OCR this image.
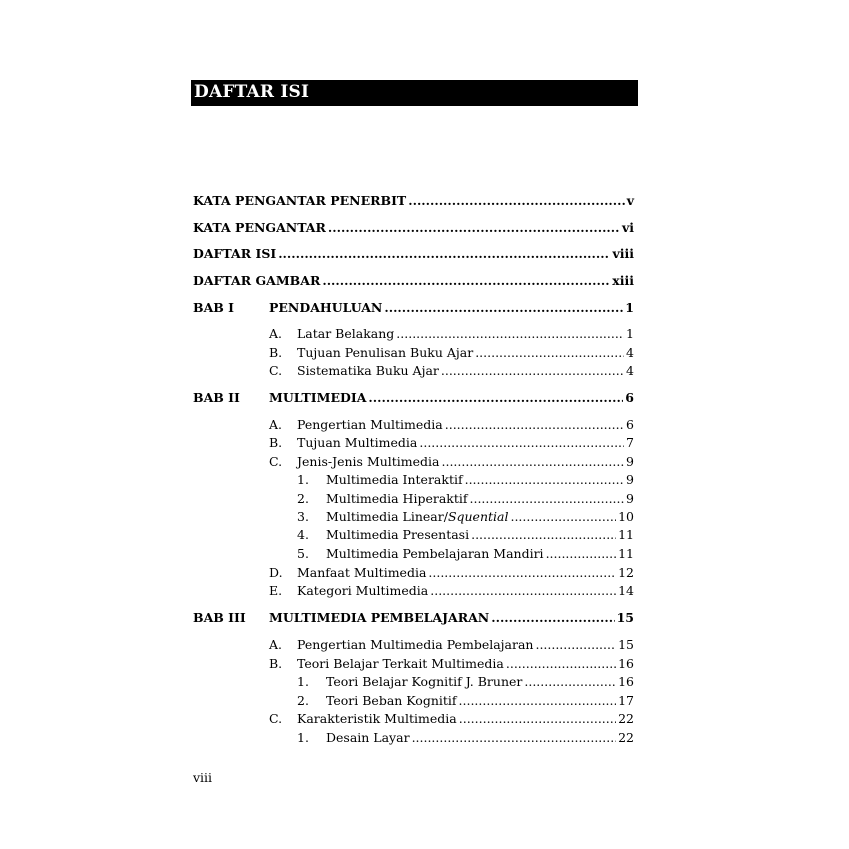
DAFTAR ISI
KATA PENGANTAR PENERBIT .....	v
KATA PENGANTAR .....	vi
DAFTAR ISI .....	viii
DAFTAR GAMBAR .....	xiii
BAB I	PENDAHULUAN .....	1
A. Latar Belakang .....	1
B. Tujuan Penulisan Buku Ajar .....	4
C. Sistematika Buku Ajar .....	4
BAB II MULTIMEDIA .....	6
A. Pengertian Multimedia .....	6
B. Tujuan Multimedia .....	7
C. Jenis-Jenis Multimedia .....	9
1. Multimedia Interaktif .....	9
2. Multimedia Hiperaktif .....	9
3. Multimedia Linear/Squential .....	10
4. Multimedia Presentasi .....	11
5. Multimedia Pembelajaran Mandiri .....	11
D. Manfaat Multimedia .....	12
E. Kategori Multimedia .....	14
BAB III MULTIMEDIA PEMBELAJARAN .....	15
A. Pengertian Multimedia Pembelajaran .....	15
B. Teori Belajar Terkait Multimedia .....	16
1. Teori Belajar Kognitif J. Bruner .....	16
2. Teori Beban Kognitif .....	17
C. Karakteristik Multimedia .....	22
1. Desain Layar .....	22
viii
